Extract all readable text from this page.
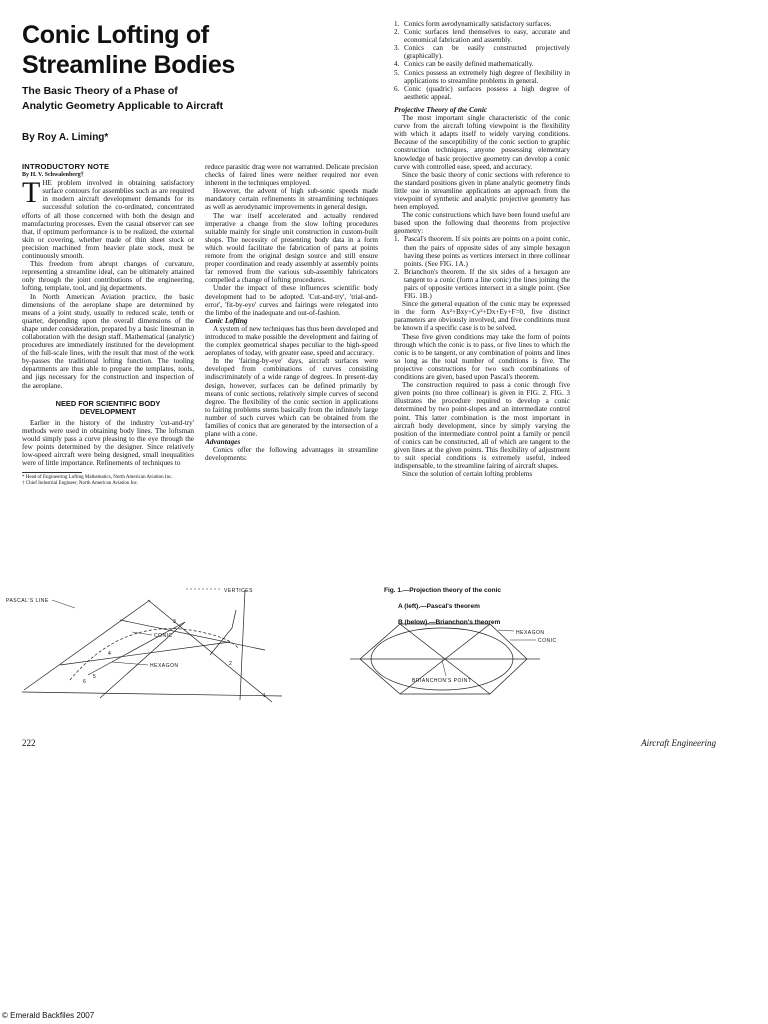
Conic Lofting of
Streamline Bodies
The Basic Theory of a Phase of
Analytic Geometry Applicable to Aircraft
By Roy A. Liming*

INTRODUCTORY NOTE

By H. V. Schwalenberg†

THE problem involved in obtaining satisfactory surface contours for assemblies such as are required in modern aircraft development demands for its successful solution the co-ordinated, concentrated efforts of all those concerned with both the design and manufacturing processes. Even the casual observer can see that, if optimum performance is to be realized, the external skin or covering, whether made of thin sheet stock or precision machined from heavier plate stock, must be continuously smooth.

This freedom from abrupt changes of curvature, representing a streamline ideal, can be ultimately attained only through the joint contributions of the engineering, lofting, template, tool, and jig departments.

In North American Aviation practice, the basic dimensions of the aeroplane shape are determined by means of a joint study, usually to reduced scale, tenth or quarter, depending upon the overall dimensions of the shape under consideration, prepared by a basic linesman in collaboration with the design staff. Mathematical (analytic) procedures are immediately instituted for the development of the full-scale lines, with the result that most of the work by-passes the traditional lofting function. The tooling departments are thus able to prepare the templates, tools, and jigs necessary for the construction and inspection of the aeroplane.

NEED FOR SCIENTIFIC BODY
DEVELOPMENT

Earlier in the history of the industry 'cut-and-try' methods were used in obtaining body lines. The loftsman would simply pass a curve pleasing to the eye through the few points determined by the designer. Since relatively low-speed aircraft were being designed, small inequalities were of little importance. Refinements of techniques to

* Head of Engineering Lofting Mathematics, North American Aviation Inc.
† Chief Industrial Engineer, North American Aviation Inc.

reduce parasitic drag were not warranted. Delicate precision checks of faired lines were neither required nor even inherent in the techniques employed.

However, the advent of high sub-sonic speeds made mandatory certain refinements in streamlining techniques as well as aerodynamic improvements in general design.

The war itself accelerated and actually rendered imperative a change from the slow lofting procedures suitable mainly for single unit construction in custom-built shops. The necessity of presenting body data in a form which would facilitate the fabrication of parts at points remote from the original design source and still ensure proper coordination and ready assembly at assembly points far removed from the various sub-assembly fabricators compelled a change of lofting procedures.

Under the impact of these influences scientific body development had to be adopted. 'Cut-and-try', 'trial-and-error', 'fit-by-eye' curves and fairings were relegated into the limbo of the inadequate and out-of-fashion.

Conic Lofting

A system of new techniques has thus been developed and introduced to make possible the development and fairing of the complex geometrical shapes peculiar to the high-speed aeroplanes of today, with greater ease, speed and accuracy.

In the 'fairing-by-eye' days, aircraft surfaces were developed from combinations of curves consisting indiscriminately of a wide range of degrees. In present-day design, however, surfaces can be defined primarily by means of conic sections, relatively simple curves of second degree. The flexibility of the conic section in applications to fairing problems stems basically from the infinitely large number of such curves which can be obtained from the families of conics that are generated by the intersection of a plane with a cone.

Advantages

Conics offer the following advantages in streamline developments:

1. Conics form aerodynamically satisfactory surfaces.
2. Conic surfaces lend themselves to easy, accurate and economical fabrication and assembly.
3. Conics can be easily constructed projectively (graphically).
4. Conics can be easily defined mathematically.
5. Conics possess an extremely high degree of flexibility in applications to streamline problems in general.
6. Conic (quadric) surfaces possess a high degree of aesthetic appeal.

Projective Theory of the Conic

The most important single characteristic of the conic curve from the aircraft lofting viewpoint is the flexibility with which it adapts itself to widely varying conditions. Because of the susceptibility of the conic section to graphic construction techniques, anyone possessing elementary knowledge of basic projective geometry can develop a conic curve with controlled ease, speed, and accuracy.

Since the basic theory of conic sections with reference to the standard positions given in plane analytic geometry finds little use in streamline applications an approach from the viewpoint of synthetic and analytic projective geometry has been employed.

The conic constructions which have been found useful are based upon the following dual theorems from projective geometry:

1. Pascal's theorem. If six points are points on a point conic, then the pairs of opposite sides of any simple hexagon having these points as vertices intersect in three collinear points. (See FIG. 1A.)
2. Brianchon's theorem. If the six sides of a hexagon are tangent to a conic (form a line conic) the lines joining the pairs of opposite vertices intersect in a single point. (See FIG. 1B.)

Since the general equation of the conic may be expressed in the form Ax²+Bxy+Cy²+Dx+Ey+F=0, five distinct parameters are obviously involved, and five conditions must be known if a specific case is to be solved.

These five given conditions may take the form of points through which the conic is to pass, or five lines to which the conic is to be tangent, or any combination of points and lines so long as the total number of conditions is five. The projective constructions for two such combinations of conditions are given, based upon Pascal's theorem.

The construction required to pass a conic through five given points (no three collinear) is given in FIG. 2. FIG. 3 illustrates the procedure required to develop a conic determined by two point-slopes and an intermediate control point. This latter combination is the most important in aircraft body development, since by simply varying the position of the intermediate control point a family or pencil of conics can be constructed, all of which are tangent to the given lines at the given points. This flexibility of adjustment to suit special conditions is extremely useful, indeed indispensable, to the streamline fairing of aircraft shapes.

Since the solution of certain lofting problems

Fig. 1.—Projection theory of the conic
A (left).—Pascal's theorem
B (below).—Brianchon's theorem
PASCAL'S LINE
VERTICES
CONIC
HEXAGON
3
2
4
5
6
1
HEXAGON
CONIC
BRIANCHON'S POINT
222	Aircraft Engineering
© Emerald Backfiles 2007
